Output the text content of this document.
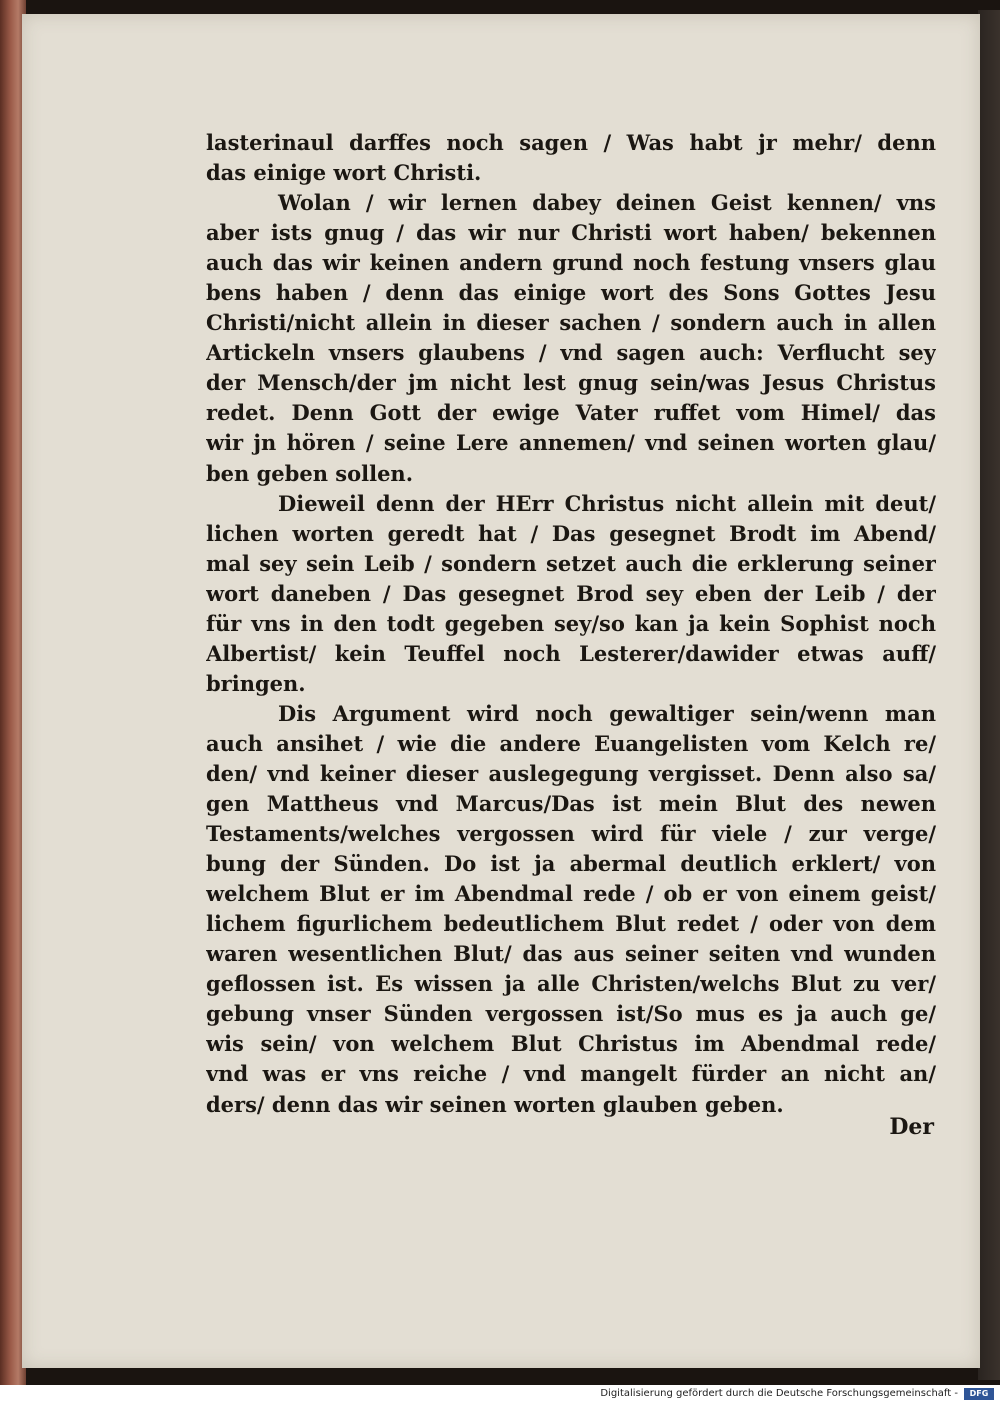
lasterinaul darffes noch sagen / Was habt jr mehr/ denn
das einige wort Christi.
Wolan / wir lernen dabey deinen Geist kennen/ vns
aber ists gnug / das wir nur Christi wort haben/ bekennen
auch das wir keinen andern grund noch festung vnsers glau
bens haben / denn das einige wort des Sons Gottes Jesu
Christi/nicht allein in dieser sachen / sondern auch in allen
Artickeln vnsers glaubens / vnd sagen auch: Verflucht sey
der Mensch/der jm nicht lest gnug sein/was Jesus Christus
redet. Denn Gott der ewige Vater ruffet vom Himel/ das
wir jn hören / seine Lere annemen/ vnd seinen worten glau/
ben geben sollen.
Dieweil denn der HErr Christus nicht allein mit deut/
lichen worten geredt hat / Das gesegnet Brodt im Abend/
mal sey sein Leib / sondern setzet auch die erklerung seiner
wort daneben / Das gesegnet Brod sey eben der Leib / der
für vns in den todt gegeben sey/so kan ja kein Sophist noch
Albertist/ kein Teuffel noch Lesterer/dawider etwas auff/
bringen.
Dis Argument wird noch gewaltiger sein/wenn man
auch ansihet / wie die andere Euangelisten vom Kelch re/
den/ vnd keiner dieser auslegegung vergisset. Denn also sa/
gen Mattheus vnd Marcus/Das ist mein Blut des newen
Testaments/welches vergossen wird für viele / zur verge/
bung der Sünden. Do ist ja abermal deutlich erklert/ von
welchem Blut er im Abendmal rede / ob er von einem geist/
lichem figurlichem bedeutlichem Blut redet / oder von dem
waren wesentlichen Blut/ das aus seiner seiten vnd wunden
geflossen ist. Es wissen ja alle Christen/welchs Blut zu ver/
gebung vnser Sünden vergossen ist/So mus es ja auch ge/
wis sein/ von welchem Blut Christus im Abendmal rede/
vnd was er vns reiche / vnd mangelt fürder an nicht an/
ders/ denn das wir seinen worten glauben geben.
Der
Digitalisierung gefördert durch die Deutsche Forschungsgemeinschaft -	DFG
